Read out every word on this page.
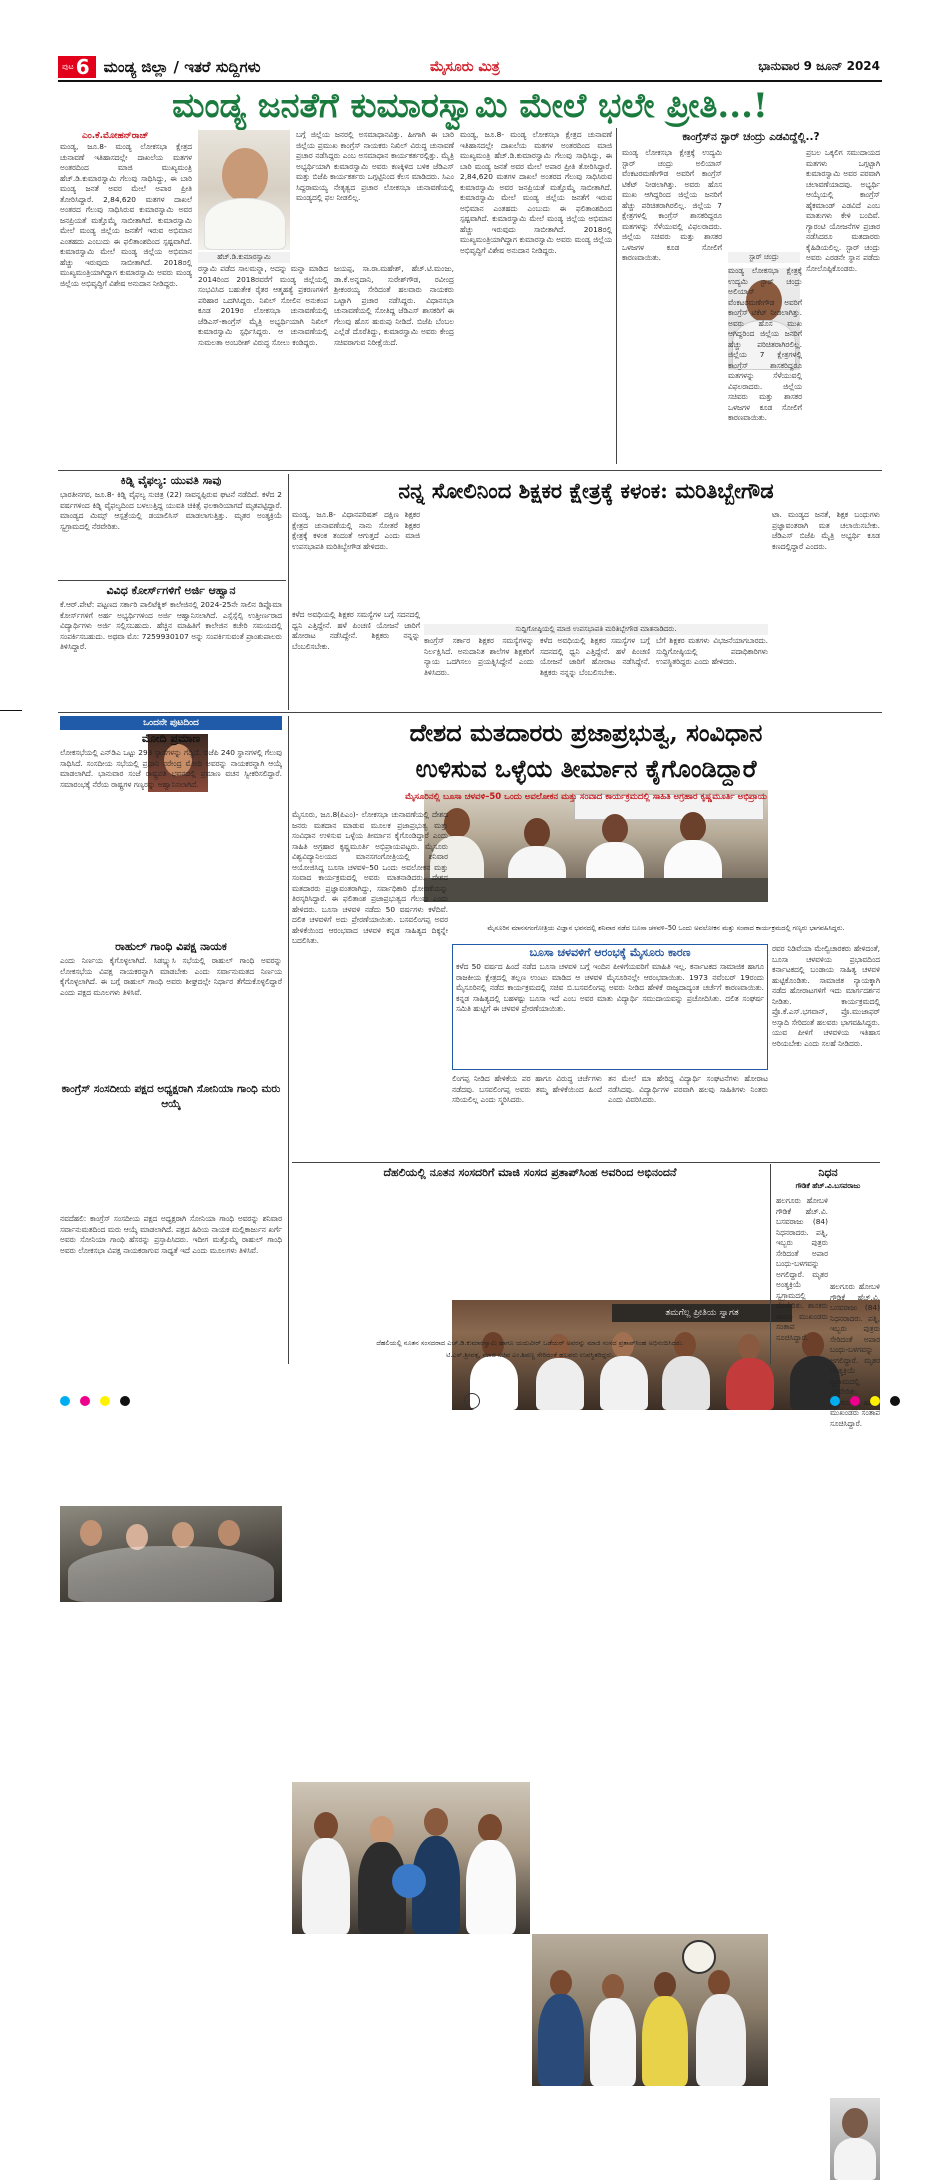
ಪುಟ 6 ಮಂಡ್ಯ ಜಿಲ್ಲಾ / ಇತರೆ ಸುದ್ದಿಗಳು	ಮೈಸೂರು ಮಿತ್ರ	ಭಾನುವಾರ 9 ಜೂನ್ 2024
ಮಂಡ್ಯ ಜನತೆಗೆ ಕುಮಾರಸ್ವಾಮಿ ಮೇಲೆ ಭಲೇ ಪ್ರೀತಿ...!
ಎಂ.ಕೆ.ಮೋಹನ್‌ರಾಜ್
ಮಂಡ್ಯ, ಜೂ.8- ಮಂಡ್ಯ ಲೋಕಸಭಾ ಕ್ಷೇತ್ರದ ಚುನಾವಣೆ ಇತಿಹಾಸದಲ್ಲೇ ದಾಖಲೆಯ ಮತಗಳ ಅಂತರದಿಂದ ಮಾಜಿ ಮುಖ್ಯಮಂತ್ರಿ ಹೆಚ್.ಡಿ.ಕುಮಾರಸ್ವಾಮಿ ಗೆಲುವು ಸಾಧಿಸಿದ್ದು, ಈ ಬಾರಿ ಮಂಡ್ಯ ಜನತೆ ಅವರ ಮೇಲೆ ಅಪಾರ ಪ್ರೀತಿ ತೋರಿಸಿದ್ದಾರೆ. 2,84,620 ಮತಗಳ ದಾಖಲೆ ಅಂತರದ ಗೆಲುವು ಸಾಧಿಸಿರುವ ಕುಮಾರಸ್ವಾಮಿ ಅವರ ಜನಪ್ರಿಯತೆ ಮತ್ತೊಮ್ಮೆ ಸಾಬೀತಾಗಿದೆ. ಕುಮಾರಸ್ವಾಮಿ ಮೇಲೆ ಮಂಡ್ಯ ಜಿಲ್ಲೆಯ ಜನತೆಗೆ ಇರುವ ಅಭಿಮಾನ ಎಂತಹದು ಎಂಬುದು ಈ ಫಲಿತಾಂಶದಿಂದ ಸ್ಪಷ್ಟವಾಗಿದೆ. ಕುಮಾರಸ್ವಾಮಿ ಮೇಲೆ ಮಂಡ್ಯ ಜಿಲ್ಲೆಯ ಅಭಿಮಾನ ಹೆಚ್ಚು ಇರುವುದು ಸಾಬೀತಾಗಿದೆ. 2018ರಲ್ಲಿ ಮುಖ್ಯಮಂತ್ರಿಯಾಗಿದ್ದಾಗ ಕುಮಾರಸ್ವಾಮಿ ಅವರು ಮಂಡ್ಯ ಜಿಲ್ಲೆಯ ಅಭಿವೃದ್ಧಿಗೆ ವಿಶೇಷ ಅನುದಾನ ನೀಡಿದ್ದರು.
ಹೆಚ್.ಡಿ.ಕುಮಾರಸ್ವಾಮಿ
ರಸ್ವಾಮಿ ಪಡೆದ ಸಾಲಮನ್ನಾ, ಅದನ್ನು ಮನ್ನಾ ಮಾಡಿದ 2014ರಿಂದ 2018ರವರೆಗೆ ಮಂಡ್ಯ ಜಿಲ್ಲೆಯಲ್ಲಿ ಸಂಭವಿಸಿದ ಬಹುತೇಕ ರೈತರ ಆತ್ಮಹತ್ಯೆ ಪ್ರಕರಣಗಳಿಗೆ ಪರಿಹಾರ ಒದಗಿಸಿದ್ದರು. ನಿಖಿಲ್ ಸೋಲಿನ ಅನುಕಂಪ ಕೂಡ 2019ರ ಲೋಕಸಭಾ ಚುನಾವಣೆಯಲ್ಲಿ ಜೆಡಿಎಸ್-ಕಾಂಗ್ರೆಸ್ ಮೈತ್ರಿ ಅಭ್ಯರ್ಥಿಯಾಗಿ ನಿಖಿಲ್ ಕುಮಾರಸ್ವಾಮಿ ಸ್ಪರ್ಧಿಸಿದ್ದರು. ಆ ಚುನಾವಣೆಯಲ್ಲಿ ಸುಮಲತಾ ಅಂಬರೀಶ್ ವಿರುದ್ಧ ಸೋಲು ಕಂಡಿದ್ದರು.
ಬಗ್ಗೆ ಜಿಲ್ಲೆಯ ಜನರಲ್ಲಿ ಅಸಮಾಧಾನವಿತ್ತು. ಹೀಗಾಗಿ ಈ ಬಾರಿ ಜಿಲ್ಲೆಯ ಪ್ರಮುಖ ಕಾಂಗ್ರೆಸ್ ನಾಯಕರು ನಿಖಿಲ್ ವಿರುದ್ಧ ಚುನಾವಣೆ ಪ್ರಚಾರ ನಡೆಸಿದ್ದರು ಎಂಬ ಅಸಮಾಧಾನ ಕಾರ್ಯಕರ್ತರಲ್ಲಿತ್ತು. ಮೈತ್ರಿ ಅಭ್ಯರ್ಥಿಯಾಗಿ ಕುಮಾರಸ್ವಾಮಿ ಅವರು ಕಣಕ್ಕಿಳಿದ ಬಳಿಕ ಜೆಡಿಎಸ್ ಮತ್ತು ಬಿಜೆಪಿ ಕಾರ್ಯಕರ್ತರು ಒಗ್ಗಟ್ಟಿನಿಂದ ಕೆಲಸ ಮಾಡಿದರು. ಸಿಎಂ ಸಿದ್ದರಾಮಯ್ಯ ನೇತೃತ್ವದ ಪ್ರಚಾರ ಲೋಕಸಭಾ ಚುನಾವಣೆಯಲ್ಲಿ ಮಂಡ್ಯದಲ್ಲಿ ಫಲ ನೀಡಲಿಲ್ಲ.
ಜಯಪ್ಪ, ಸಾ.ರಾ.ಮಹೇಶ್, ಹೆಚ್.ಟಿ.ಮಂಜು, ಡಾ.ಕೆ.ಅನ್ನದಾನಿ, ಸುರೇಶ್‌ಗೌಡ, ರವೀಂದ್ರ ಶ್ರೀಕಂಠಯ್ಯ ಸೇರಿದಂತೆ ಹಲವಾರು ನಾಯಕರು ಒಟ್ಟಾಗಿ ಪ್ರಚಾರ ನಡೆಸಿದ್ದರು. ವಿಧಾನಸಭಾ ಚುನಾವಣೆಯಲ್ಲಿ ಸೋತಿದ್ದ ಜೆಡಿಎಸ್ ಶಾಸಕರಿಗೆ ಈ ಗೆಲುವು ಹೊಸ ಹುರುಪು ನೀಡಿದೆ. ಬಿಜೆಪಿ ಬೆಂಬಲ ಎಲ್ಲೆಡೆ ದೊರೆತಿದ್ದು, ಕುಮಾರಸ್ವಾಮಿ ಅವರು ಕೇಂದ್ರ ಸಚಿವರಾಗುವ ನಿರೀಕ್ಷೆಯಿದೆ.
ಮಂಡ್ಯ, ಜೂ.8- ಮಂಡ್ಯ ಲೋಕಸಭಾ ಕ್ಷೇತ್ರದ ಚುನಾವಣೆ ಇತಿಹಾಸದಲ್ಲೇ ದಾಖಲೆಯ ಮತಗಳ ಅಂತರದಿಂದ ಮಾಜಿ ಮುಖ್ಯಮಂತ್ರಿ ಹೆಚ್.ಡಿ.ಕುಮಾರಸ್ವಾಮಿ ಗೆಲುವು ಸಾಧಿಸಿದ್ದು, ಈ ಬಾರಿ ಮಂಡ್ಯ ಜನತೆ ಅವರ ಮೇಲೆ ಅಪಾರ ಪ್ರೀತಿ ತೋರಿಸಿದ್ದಾರೆ. 2,84,620 ಮತಗಳ ದಾಖಲೆ ಅಂತರದ ಗೆಲುವು ಸಾಧಿಸಿರುವ ಕುಮಾರಸ್ವಾಮಿ ಅವರ ಜನಪ್ರಿಯತೆ ಮತ್ತೊಮ್ಮೆ ಸಾಬೀತಾಗಿದೆ. ಕುಮಾರಸ್ವಾಮಿ ಮೇಲೆ ಮಂಡ್ಯ ಜಿಲ್ಲೆಯ ಜನತೆಗೆ ಇರುವ ಅಭಿಮಾನ ಎಂತಹದು ಎಂಬುದು ಈ ಫಲಿತಾಂಶದಿಂದ ಸ್ಪಷ್ಟವಾಗಿದೆ. ಕುಮಾರಸ್ವಾಮಿ ಮೇಲೆ ಮಂಡ್ಯ ಜಿಲ್ಲೆಯ ಅಭಿಮಾನ ಹೆಚ್ಚು ಇರುವುದು ಸಾಬೀತಾಗಿದೆ. 2018ರಲ್ಲಿ ಮುಖ್ಯಮಂತ್ರಿಯಾಗಿದ್ದಾಗ ಕುಮಾರಸ್ವಾಮಿ ಅವರು ಮಂಡ್ಯ ಜಿಲ್ಲೆಯ ಅಭಿವೃದ್ಧಿಗೆ ವಿಶೇಷ ಅನುದಾನ ನೀಡಿದ್ದರು.
ಕಾಂಗ್ರೆಸ್‌ನ ಸ್ಟಾರ್ ಚಂದ್ರು ಎಡವಿದ್ದೆಲ್ಲಿ..?
ಮಂಡ್ಯ ಲೋಕಸಭಾ ಕ್ಷೇತ್ರಕ್ಕೆ ಉದ್ಯಮಿ ಸ್ಟಾರ್ ಚಂದ್ರು ಅಲಿಯಾಸ್ ವೆಂಕಟರಮಣೇಗೌಡ ಅವರಿಗೆ ಕಾಂಗ್ರೆಸ್ ಟಿಕೆಟ್ ನೀಡಲಾಗಿತ್ತು. ಅವರು ಹೊಸ ಮುಖ ಆಗಿದ್ದರಿಂದ ಜಿಲ್ಲೆಯ ಜನರಿಗೆ ಹೆಚ್ಚು ಪರಿಚಿತರಾಗಿರಲಿಲ್ಲ. ಜಿಲ್ಲೆಯ 7 ಕ್ಷೇತ್ರಗಳಲ್ಲಿ ಕಾಂಗ್ರೆಸ್ ಶಾಸಕರಿದ್ದರೂ ಮತಗಳನ್ನು ಸೆಳೆಯುವಲ್ಲಿ ವಿಫಲರಾದರು. ಜಿಲ್ಲೆಯ ಸಚಿವರು ಮತ್ತು ಶಾಸಕರ ಒಳಜಗಳ ಕೂಡ ಸೋಲಿಗೆ ಕಾರಣವಾಯಿತು.	ಸ್ಟಾರ್ ಚಂದ್ರು
ಪ್ರಬಲ ಒಕ್ಕಲಿಗ ಸಮುದಾಯದ ಮತಗಳು ಒಗ್ಗಟ್ಟಾಗಿ ಕುಮಾರಸ್ವಾಮಿ ಅವರ ಪರವಾಗಿ ಚಲಾವಣೆಯಾದವು. ಅಭ್ಯರ್ಥಿ ಆಯ್ಕೆಯಲ್ಲಿ ಕಾಂಗ್ರೆಸ್ ಹೈಕಮಾಂಡ್ ಎಡವಿದೆ ಎಂಬ ಮಾತುಗಳು ಕೇಳಿ ಬಂದಿವೆ. ಗ್ಯಾರಂಟಿ ಯೋಜನೆಗಳ ಪ್ರಚಾರ ನಡೆಸಿದರೂ ಮತದಾರರು ಕೈಹಿಡಿಯಲಿಲ್ಲ. ಸ್ಟಾರ್ ಚಂದ್ರು ಅವರು ಎರಡನೇ ಸ್ಥಾನ ಪಡೆದು ಸೋಲೊಪ್ಪಿಕೊಂಡರು.
ಮಂಡ್ಯ ಲೋಕಸಭಾ ಕ್ಷೇತ್ರಕ್ಕೆ ಉದ್ಯಮಿ ಸ್ಟಾರ್ ಚಂದ್ರು ಅಲಿಯಾಸ್ ವೆಂಕಟರಮಣೇಗೌಡ ಅವರಿಗೆ ಕಾಂಗ್ರೆಸ್ ಟಿಕೆಟ್ ನೀಡಲಾಗಿತ್ತು. ಅವರು ಹೊಸ ಮುಖ ಆಗಿದ್ದರಿಂದ ಜಿಲ್ಲೆಯ ಜನರಿಗೆ ಹೆಚ್ಚು ಪರಿಚಿತರಾಗಿರಲಿಲ್ಲ. ಜಿಲ್ಲೆಯ 7 ಕ್ಷೇತ್ರಗಳಲ್ಲಿ ಕಾಂಗ್ರೆಸ್ ಶಾಸಕರಿದ್ದರೂ ಮತಗಳನ್ನು ಸೆಳೆಯುವಲ್ಲಿ ವಿಫಲರಾದರು. ಜಿಲ್ಲೆಯ ಸಚಿವರು ಮತ್ತು ಶಾಸಕರ ಒಳಜಗಳ ಕೂಡ ಸೋಲಿಗೆ ಕಾರಣವಾಯಿತು.
ಕಿಡ್ನಿ ವೈಫಲ್ಯ: ಯುವತಿ ಸಾವು
ಭಾರತೀನಗರ, ಜೂ.8- ಕಿಡ್ನಿ ವೈಫಲ್ಯ ಸುಚಿತ್ರ (22) ಸಾವನ್ನಪ್ಪಿರುವ ಘಟನೆ ನಡೆದಿದೆ. ಕಳೆದ 2 ವರ್ಷಗಳಿಂದ ಕಿಡ್ನಿ ವೈಫಲ್ಯದಿಂದ ಬಳಲುತ್ತಿದ್ದ ಯುವತಿ ಚಿಕಿತ್ಸೆ ಫಲಕಾರಿಯಾಗದೆ ಮೃತಪಟ್ಟಿದ್ದಾರೆ. ಮಾಂಡ್ಯದ ಮಿಮ್ಸ್ ಆಸ್ಪತ್ರೆಯಲ್ಲಿ ಡಯಾಲಿಸಿಸ್ ಮಾಡಲಾಗುತ್ತಿತ್ತು. ಮೃತರ ಅಂತ್ಯಕ್ರಿಯೆ ಸ್ವಗ್ರಾಮದಲ್ಲಿ ನೆರವೇರಿತು.
ವಿವಿಧ ಕೋರ್ಸ್‌ಗಳಿಗೆ ಅರ್ಜಿ ಆಹ್ವಾನ
ಕೆ.ಆರ್.ಪೇಟೆ: ಪಟ್ಟಣದ ಸರ್ಕಾರಿ ಪಾಲಿಟೆಕ್ನಿಕ್ ಕಾಲೇಜಿನಲ್ಲಿ 2024-25ನೇ ಸಾಲಿನ ಡಿಪ್ಲೊಮಾ ಕೋರ್ಸ್‌ಗಳಿಗೆ ಅರ್ಹ ಅಭ್ಯರ್ಥಿಗಳಿಂದ ಅರ್ಜಿ ಆಹ್ವಾನಿಸಲಾಗಿದೆ. ಎಸ್ಸೆಸ್ಸೆಲ್ಸಿ ಉತ್ತೀರ್ಣರಾದ ವಿದ್ಯಾರ್ಥಿಗಳು ಅರ್ಜಿ ಸಲ್ಲಿಸಬಹುದು. ಹೆಚ್ಚಿನ ಮಾಹಿತಿಗೆ ಕಾಲೇಜಿನ ಕಚೇರಿ ಸಮಯದಲ್ಲಿ ಸಂಪರ್ಕಿಸಬಹುದು. ಅಥವಾ ಮೊ: 7259930107 ಅನ್ನು ಸಂಪರ್ಕಿಸುವಂತೆ ಪ್ರಾಂಶುಪಾಲರು ತಿಳಿಸಿದ್ದಾರೆ.
ನನ್ನ ಸೋಲಿನಿಂದ ಶಿಕ್ಷಕರ ಕ್ಷೇತ್ರಕ್ಕೆ ಕಳಂಕ: ಮರಿತಿಬ್ಬೇಗೌಡ
ಮಂಡ್ಯ, ಜೂ.8- ವಿಧಾನಪರಿಷತ್ ದಕ್ಷಿಣ ಶಿಕ್ಷಕರ ಕ್ಷೇತ್ರದ ಚುನಾವಣೆಯಲ್ಲಿ ನಾನು ಸೋತರೆ ಶಿಕ್ಷಕರ ಕ್ಷೇತ್ರಕ್ಕೆ ಕಳಂಕ ತಂದಂತೆ ಆಗುತ್ತದೆ ಎಂದು ಮಾಜಿ ಉಪಸಭಾಪತಿ ಮರಿತಿಬ್ಬೇಗೌಡ ಹೇಳಿದರು.
ಸುದ್ದಿಗೋಷ್ಠಿಯಲ್ಲಿ ಮಾಜಿ ಉಪಸಭಾಪತಿ ಮರಿತಿಬ್ಬೇಗೌಡ ಮಾತನಾಡಿದರು.
ಟಾ. ಮಂಡ್ಯದ ಜನತೆ, ಶಿಕ್ಷಕ ಬಂಧುಗಳು ಪ್ರಜ್ಞಾವಂತರಾಗಿ ಮತ ಚಲಾಯಿಸಬೇಕು. ಜೆಡಿಎಸ್ ಬಿಜೆಪಿ ಮೈತ್ರಿ ಅಭ್ಯರ್ಥಿ ಕೂಡ ಕಣದಲ್ಲಿದ್ದಾರೆ ಎಂದರು.
ಕಳೆದ ಅವಧಿಯಲ್ಲಿ ಶಿಕ್ಷಕರ ಸಮಸ್ಯೆಗಳ ಬಗ್ಗೆ ಸದನದಲ್ಲಿ ಧ್ವನಿ ಎತ್ತಿದ್ದೇನೆ. ಹಳೆ ಪಿಂಚಣಿ ಯೋಜನೆ ಜಾರಿಗೆ ಹೋರಾಟ ನಡೆಸಿದ್ದೇನೆ. ಶಿಕ್ಷಕರು ನನ್ನನ್ನು ಬೆಂಬಲಿಸಬೇಕು.
ಕಾಂಗ್ರೆಸ್ ಸರ್ಕಾರ ಶಿಕ್ಷಕರ ಸಮಸ್ಯೆಗಳನ್ನು ನಿರ್ಲಕ್ಷಿಸಿದೆ. ಅನುದಾನಿತ ಶಾಲೆಗಳ ಶಿಕ್ಷಕರಿಗೆ ನ್ಯಾಯ ಒದಗಿಸಲು ಪ್ರಯತ್ನಿಸಿದ್ದೇನೆ ಎಂದು ತಿಳಿಸಿದರು.
ಕಳೆದ ಅವಧಿಯಲ್ಲಿ ಶಿಕ್ಷಕರ ಸಮಸ್ಯೆಗಳ ಬಗ್ಗೆ ಸದನದಲ್ಲಿ ಧ್ವನಿ ಎತ್ತಿದ್ದೇನೆ. ಹಳೆ ಪಿಂಚಣಿ ಯೋಜನೆ ಜಾರಿಗೆ ಹೋರಾಟ ನಡೆಸಿದ್ದೇನೆ. ಶಿಕ್ಷಕರು ನನ್ನನ್ನು ಬೆಂಬಲಿಸಬೇಕು.
ಬೆಗೆ ಶಿಕ್ಷಕರ ಮತಗಳು ವಿಭಜನೆಯಾಗಬಾರದು. ಸುದ್ದಿಗೋಷ್ಠಿಯಲ್ಲಿ ಪದಾಧಿಕಾರಿಗಳು ಉಪಸ್ಥಿತರಿದ್ದರು ಎಂದು ಹೇಳಿದರು.
ಒಂದನೇ ಪುಟದಿಂದ
ಮೋದಿ ಪ್ರಮಾಣ
ಲೋಕಸಭೆಯಲ್ಲಿ ಎನ್‌ಡಿಎ ಒಟ್ಟು 293 ಸ್ಥಾನಗಳನ್ನು ಗೆದ್ದಿದೆ. ಬಿಜೆಪಿ 240 ಸ್ಥಾನಗಳಲ್ಲಿ ಗೆಲುವು ಸಾಧಿಸಿದೆ. ಸಂಸದೀಯ ಸಭೆಯಲ್ಲಿ ಪ್ರಧಾನಿ ನರೇಂದ್ರ ಮೋದಿ ಅವರನ್ನು ನಾಯಕರನ್ನಾಗಿ ಆಯ್ಕೆ ಮಾಡಲಾಗಿದೆ. ಭಾನುವಾರ ಸಂಜೆ ರಾಷ್ಟ್ರಪತಿ ಭವನದಲ್ಲಿ ಪ್ರಮಾಣ ವಚನ ಸ್ವೀಕರಿಸಲಿದ್ದಾರೆ. ಸಮಾರಂಭಕ್ಕೆ ನೆರೆಯ ರಾಷ್ಟ್ರಗಳ ಗಣ್ಯರನ್ನು ಆಹ್ವಾನಿಸಲಾಗಿದೆ.
ರಾಹುಲ್ ಗಾಂಧಿ ವಿಪಕ್ಷ ನಾಯಕ
ಎಂದು ನಿರ್ಣಯ ಕೈಗೊಳ್ಳಲಾಗಿದೆ. ಸಿಡಬ್ಲ್ಯುಸಿ ಸಭೆಯಲ್ಲಿ ರಾಹುಲ್ ಗಾಂಧಿ ಅವರನ್ನು ಲೋಕಸಭೆಯ ವಿಪಕ್ಷ ನಾಯಕರನ್ನಾಗಿ ಮಾಡಬೇಕು ಎಂದು ಸರ್ವಾನುಮತದ ನಿರ್ಣಯ ಕೈಗೊಳ್ಳಲಾಗಿದೆ. ಈ ಬಗ್ಗೆ ರಾಹುಲ್ ಗಾಂಧಿ ಅವರು ಶೀಘ್ರದಲ್ಲೇ ನಿರ್ಧಾರ ತೆಗೆದುಕೊಳ್ಳಲಿದ್ದಾರೆ ಎಂದು ಪಕ್ಷದ ಮೂಲಗಳು ತಿಳಿಸಿವೆ.
ಕಾಂಗ್ರೆಸ್ ಸಂಸದೀಯ ಪಕ್ಷದ ಅಧ್ಯಕ್ಷರಾಗಿ ಸೋನಿಯಾ ಗಾಂಧಿ ಮರು ಆಯ್ಕೆ
ನವದೆಹಲಿ: ಕಾಂಗ್ರೆಸ್ ಸಂಸದೀಯ ಪಕ್ಷದ ಅಧ್ಯಕ್ಷರಾಗಿ ಸೋನಿಯಾ ಗಾಂಧಿ ಅವರನ್ನು ಶನಿವಾರ ಸರ್ವಾನುಮತದಿಂದ ಮರು ಆಯ್ಕೆ ಮಾಡಲಾಗಿದೆ. ಪಕ್ಷದ ಹಿರಿಯ ನಾಯಕ ಮಲ್ಲಿಕಾರ್ಜುನ ಖರ್ಗೆ ಅವರು ಸೋನಿಯಾ ಗಾಂಧಿ ಹೆಸರನ್ನು ಪ್ರಸ್ತಾಪಿಸಿದರು. ಇದೀಗ ಮತ್ತೊಮ್ಮೆ ರಾಹುಲ್ ಗಾಂಧಿ ಅವರು ಲೋಕಸಭಾ ವಿಪಕ್ಷ ನಾಯಕರಾಗುವ ಸಾಧ್ಯತೆ ಇದೆ ಎಂದು ಮೂಲಗಳು ತಿಳಿಸಿವೆ.
ದೇಶದ ಮತದಾರರು ಪ್ರಜಾಪ್ರಭುತ್ವ, ಸಂವಿಧಾನ
ಉಳಿಸುವ ಒಳ್ಳೆಯ ತೀರ್ಮಾನ ಕೈಗೊಂಡಿದ್ದಾರೆ
ಮೈಸೂರಿನಲ್ಲಿ ಬೂಸಾ ಚಳವಳಿ–50 ಒಂದು ಅವಲೋಕನ ಮತ್ತು ಸಂವಾದ ಕಾರ್ಯಕ್ರಮದಲ್ಲಿ ಸಾಹಿತಿ ಅಗ್ರಹಾರ ಕೃಷ್ಣಮೂರ್ತಿ ಅಭಿಪ್ರಾಯ
ಮೈಸೂರು, ಜೂ.8(ಪಿಎಂ)- ಲೋಕಸಭಾ ಚುನಾವಣೆಯಲ್ಲಿ ದೇಶದ ಜನರು ಮತದಾನ ಮಾಡುವ ಮೂಲಕ ಪ್ರಜಾಪ್ರಭುತ್ವ ಮತ್ತು ಸಂವಿಧಾನ ಉಳಿಸುವ ಒಳ್ಳೆಯ ತೀರ್ಮಾನ ಕೈಗೊಂಡಿದ್ದಾರೆ ಎಂದು ಸಾಹಿತಿ ಅಗ್ರಹಾರ ಕೃಷ್ಣಮೂರ್ತಿ ಅಭಿಪ್ರಾಯಪಟ್ಟರು. ಮೈಸೂರು ವಿಶ್ವವಿದ್ಯಾನಿಲಯದ ಮಾನಸಗಂಗೋತ್ರಿಯಲ್ಲಿ ಶನಿವಾರ ಆಯೋಜಿಸಿದ್ದ ಬೂಸಾ ಚಳವಳಿ–50 ಒಂದು ಅವಲೋಕನ ಮತ್ತು ಸಂವಾದ ಕಾರ್ಯಕ್ರಮದಲ್ಲಿ ಅವರು ಮಾತನಾಡಿದರು. ದೇಶದ ಮತದಾರರು ಪ್ರಜ್ಞಾವಂತರಾಗಿದ್ದು, ಸರ್ವಾಧಿಕಾರಿ ಧೋರಣೆಯನ್ನು ತಿರಸ್ಕರಿಸಿದ್ದಾರೆ. ಈ ಫಲಿತಾಂಶ ಪ್ರಜಾಪ್ರಭುತ್ವದ ಗೆಲುವು ಎಂದು ಹೇಳಿದರು. ಬೂಸಾ ಚಳವಳಿ ನಡೆದು 50 ವರ್ಷಗಳು ಕಳೆದಿವೆ. ದಲಿತ ಚಳವಳಿಗೆ ಅದು ಪ್ರೇರಣೆಯಾಯಿತು. ಬಸವಲಿಂಗಪ್ಪ ಅವರ ಹೇಳಿಕೆಯಿಂದ ಆರಂಭವಾದ ಚಳವಳಿ ಕನ್ನಡ ಸಾಹಿತ್ಯದ ದಿಕ್ಕನ್ನೇ ಬದಲಿಸಿತು.
ತಮಗೆಲ್ಲ ಪ್ರೀತಿಯ ಸ್ವಾಗತ
ಮೈಸೂರಿನ ಮಾನಸಗಂಗೋತ್ರಿಯ ವಿಜ್ಞಾನ ಭವನದಲ್ಲಿ ಶನಿವಾರ ನಡೆದ ಬೂಸಾ ಚಳವಳಿ–50 ಒಂದು ಅವಲೋಕನ ಮತ್ತು ಸಂವಾದ ಕಾರ್ಯಕ್ರಮದಲ್ಲಿ ಗಣ್ಯರು ಭಾಗವಹಿಸಿದ್ದರು.
ಬೂಸಾ ಚಳವಳಿಗೆ ಆರಂಭಕ್ಕೆ ಮೈಸೂರು ಕಾರಣ
ಕಳೆದ 50 ವರ್ಷದ ಹಿಂದೆ ನಡೆದ ಬೂಸಾ ಚಳವಳಿ ಬಗ್ಗೆ ಇಂದಿನ ಪೀಳಿಗೆಯವರಿಗೆ ಮಾಹಿತಿ ಇಲ್ಲ. ಕರ್ನಾಟಕದ ಸಾಮಾಜಿಕ ಹಾಗೂ ರಾಜಕೀಯ ಕ್ಷೇತ್ರದಲ್ಲಿ ತಲ್ಲಣ ಉಂಟು ಮಾಡಿದ ಆ ಚಳವಳಿ ಮೈಸೂರಿನಲ್ಲೇ ಆರಂಭವಾಯಿತು. 1973 ನವೆಂಬರ್ 19ರಂದು ಮೈಸೂರಿನಲ್ಲಿ ನಡೆದ ಕಾರ್ಯಕ್ರಮದಲ್ಲಿ ಸಚಿವ ಬಿ.ಬಸವಲಿಂಗಪ್ಪ ಅವರು ನೀಡಿದ ಹೇಳಿಕೆ ರಾಜ್ಯದಾದ್ಯಂತ ಚರ್ಚೆಗೆ ಕಾರಣವಾಯಿತು. ಕನ್ನಡ ಸಾಹಿತ್ಯದಲ್ಲಿ ಬಹಳಷ್ಟು ಬೂಸಾ ಇದೆ ಎಂಬ ಅವರ ಮಾತು ವಿದ್ಯಾರ್ಥಿ ಸಮುದಾಯವನ್ನು ಪ್ರಚೋದಿಸಿತು. ದಲಿತ ಸಂಘರ್ಷ ಸಮಿತಿ ಹುಟ್ಟಿಗೆ ಈ ಚಳವಳಿ ಪ್ರೇರಣೆಯಾಯಿತು.
ಲಿಂಗಪ್ಪ ನೀಡಿದ ಹೇಳಿಕೆಯ ಪರ ಹಾಗೂ ವಿರುದ್ಧ ಚರ್ಚೆಗಳು ನಡೆದವು. ಬಸವಲಿಂಗಪ್ಪ ಅವರು ತಮ್ಮ ಹೇಳಿಕೆಯಿಂದ ಹಿಂದೆ ಸರಿಯಲಿಲ್ಲ ಎಂದು ಸ್ಮರಿಸಿದರು.
ತನ ಮೇಲೆ ಮಾ ಹೇರಿದ್ದ ವಿದ್ಯಾರ್ಥಿ ಸಂಘಟನೆಗಳು ಹೋರಾಟ ನಡೆಸಿದವು. ವಿದ್ಯಾರ್ಥಿಗಳ ಪರವಾಗಿ ಹಲವು ಸಾಹಿತಿಗಳು ನಿಂತರು ಎಂದು ವಿವರಿಸಿದರು.
ರವರ ನಿಡಿವೆಯಾ ಮೇಲ್ವಿಚಾರಕರು ಹೇಳಿದಂತೆ, ಬೂಸಾ ಚಳವಳಿಯ ಪ್ರಭಾವದಿಂದ ಕರ್ನಾಟಕದಲ್ಲಿ ಬಂಡಾಯ ಸಾಹಿತ್ಯ ಚಳವಳಿ ಹುಟ್ಟಿಕೊಂಡಿತು. ಸಾಮಾಜಿಕ ನ್ಯಾಯಕ್ಕಾಗಿ ನಡೆದ ಹೋರಾಟಗಳಿಗೆ ಇದು ಮಾರ್ಗದರ್ಶನ ನೀಡಿತು. ಕಾರ್ಯಕ್ರಮದಲ್ಲಿ ಪ್ರೊ.ಕೆ.ಎಸ್.ಭಗವಾನ್, ಪ್ರೊ.ಮುಜಾಫರ್ ಅಸ್ಸಾದಿ ಸೇರಿದಂತೆ ಹಲವರು ಭಾಗವಹಿಸಿದ್ದರು. ಯುವ ಪೀಳಿಗೆ ಚಳವಳಿಯ ಇತಿಹಾಸ ಅರಿಯಬೇಕು ಎಂದು ಸಲಹೆ ನೀಡಿದರು.
ದೆಹಲಿಯಲ್ಲಿ ನೂತನ ಸಂಸದರಿಗೆ ಮಾಜಿ ಸಂಸದ ಪ್ರತಾಪ್‌ಸಿಂಹ ಅವರಿಂದ ಅಭಿನಂದನೆ
ದೆಹಲಿಯಲ್ಲಿ ನೂತನ ಸಂಸದರಾದ ಎಚ್.ಡಿ.ಕುಮಾರಸ್ವಾಮಿ ಹಾಗೂ ಯದುವೀರ್ ಒಡೆಯರ್ ಅವರನ್ನು ಮಾಜಿ ಸಂಸದ ಪ್ರತಾಪ್‌ಸಿಂಹ ಅಭಿನಂದಿಸಿದರು.
ಟಿ.ಎಸ್.ಶ್ರೀವತ್ಸ, ಮಾಜಿ ಸಚಿವ ಎಂ.ಶಿವಣ್ಣ ಸೇರಿದಂತೆ ಹಲವರು ಉಪಸ್ಥಿತರಿದ್ದರು.
ನಿಧನ
ಗೌಡಿಕೆ ಹೆಚ್.ವಿ.ಬಸವರಾಜು
ಹಲಗೂರು ಹೋಬಳಿ ಗೌಡಿಕೆ ಹೆಚ್.ವಿ. ಬಸವರಾಜು (84) ನಿಧನರಾದರು. ಪತ್ನಿ, ಇಬ್ಬರು ಪುತ್ರರು ಸೇರಿದಂತೆ ಅಪಾರ ಬಂಧು-ಬಳಗವನ್ನು ಅಗಲಿದ್ದಾರೆ. ಮೃತರ ಅಂತ್ಯಕ್ರಿಯೆ ಸ್ವಗ್ರಾಮದಲ್ಲಿ ನೆರವೇರಿತು. ಶಾಸಕರು ಹಾಗೂ ಮುಖಂಡರು ಸಂತಾಪ ಸೂಚಿಸಿದ್ದಾರೆ.
ಹಲಗೂರು ಹೋಬಳಿ ಗೌಡಿಕೆ ಹೆಚ್.ವಿ. ಬಸವರಾಜು (84) ನಿಧನರಾದರು. ಪತ್ನಿ, ಇಬ್ಬರು ಪುತ್ರರು ಸೇರಿದಂತೆ ಅಪಾರ ಬಂಧು-ಬಳಗವನ್ನು ಅಗಲಿದ್ದಾರೆ. ಮೃತರ ಅಂತ್ಯಕ್ರಿಯೆ ಸ್ವಗ್ರಾಮದಲ್ಲಿ ನೆರವೇರಿತು. ಶಾಸಕರು ಮುಖಂಡರು ಸಂತಾಪ ಸೂಚಿಸಿದ್ದಾರೆ.
